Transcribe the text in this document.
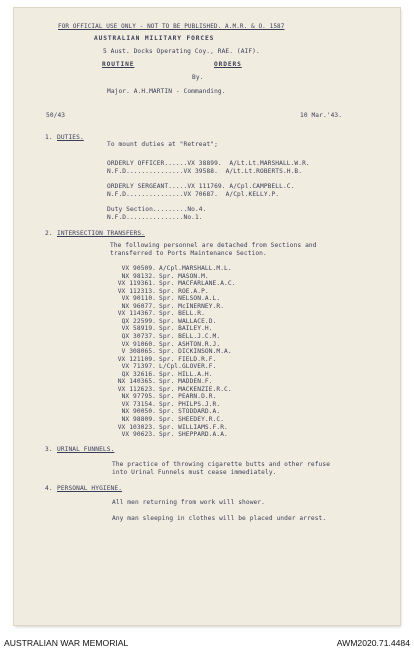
FOR OFFICIAL USE ONLY - NOT TO BE PUBLISHED. A.M.R. & O. 1587
AUSTRALIAN MILITARY FORCES
5 Aust. Docks Operating Coy., RAE. (AIF).
ROUTINE	ORDERS
By.
Major. A.H.MARTIN - Commanding.
50/43	10 Mar.'43.
1. DUTIES.
To mount duties at "Retreat";
ORDERLY OFFICER......VX 38899.  A/Lt.Lt.MARSHALL.W.R.
N.F.D...............VX 39588.  A/Lt.Lt.ROBERTS.H.B.
ORDERLY SERGEANT.....VX 111769. A/Cpl.CAMPBELL.C.
N.F.D...............VX 70687.  A/Cpl.KELLY.P.
Duty Section.........No.4.
N.F.D...............No.1.
2. INTERSECTION TRANSFERS.
The following personnel are detached from Sections and
transferred to Ports Maintenance Section.
VX 90509. A/Cpl.MARSHALL.M.L.
NX 98132. Spr. MASON.M.
VX 119361. Spr. MACFARLANE.A.C.
VX 112313. Spr. ROE.A.P.
VX 90110. Spr. NELSON.A.L.
NX 96077. Spr. McINERNEY.R.
VX 114367. Spr. BELL.R.
QX 22599. Spr. WALLACE.D.
VX 58919. Spr. BAILEY.H.
QX 30737. Spr. BELL.J.C.M.
VX 91060. Spr. ASHTON.R.J.
V 308065. Spr. DICKINSON.M.A.
VX 121109. Spr. FIELD.R.F.
VX 71397. L/Cpl.GLOVER.F.
QX 32616. Spr. HILL.A.H.
NX 140365. Spr. MADDEN.F.
VX 112623. Spr. MACKENZIE.R.C.
NX 97795. Spr. PEARN.D.R.
VX 73154. Spr. PHILPS.J.R.
NX 90050. Spr. STODDARD.A.
NX 98809. Spr. SHEEDEY.R.C.
VX 103023. Spr. WILLIAMS.F.R.
VX 90623. Spr. SHEPPARD.A.A.
3. URINAL FUNNELS.
The practice of throwing cigarette butts and other refuse
into Urinal Funnels must cease immediately.
4. PERSONAL HYGIENE.
All men returning from work will shower.
Any man sleeping in clothes will be placed under arrest.
AUSTRALIAN WAR MEMORIAL	AWM2020.71.4484
